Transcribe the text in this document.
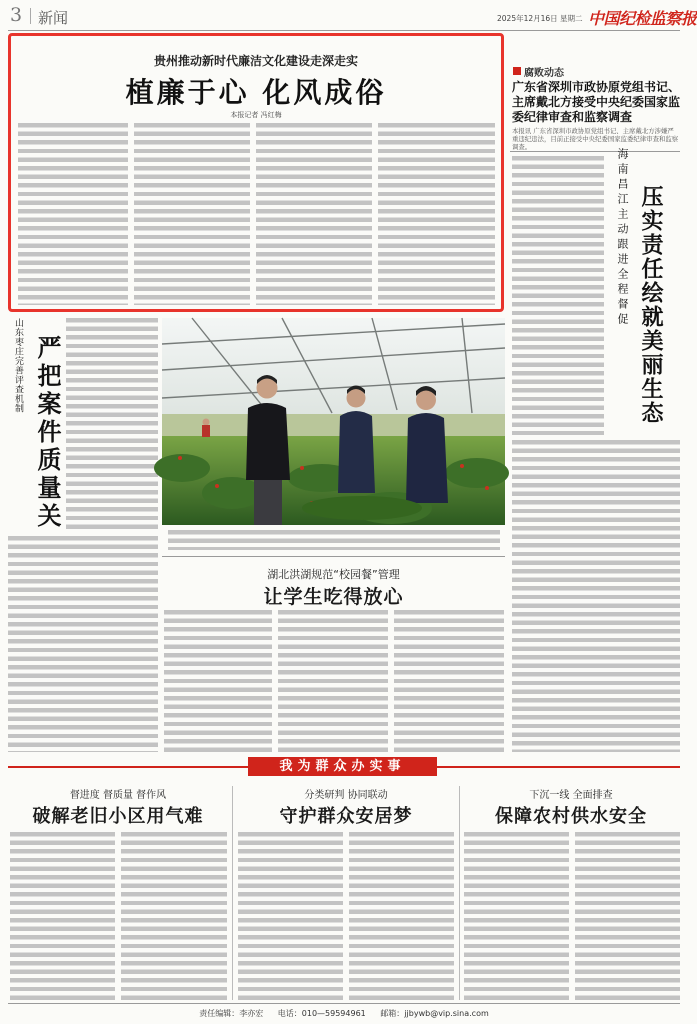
3 新闻	2025年12月16日 星期二 中国纪检监察报
贵州推动新时代廉洁文化建设走深走实
植廉于心 化风成俗
本报记者 冯红梅
腐败动态
广东省深圳市政协原党组书记、主席戴北方接受中央纪委国家监委纪律审查和监察调查
本报讯 广东省深圳市政协原党组书记、主席戴北方涉嫌严重违纪违法，目前正接受中央纪委国家监委纪律审查和监察调查。
海南昌江主动跟进全程督促 压实责任绘就美丽生态
山东枣庄完善评查机制 严把案件质量关
湖北洪湖规范“校园餐”管理
让学生吃得放心
我为群众办实事
督进度 督质量 督作风
破解老旧小区用气难
分类研判 协同联动
守护群众安居梦
下沉一线 全面排查
保障农村供水安全
责任编辑：李亦宏 电话：010—59594961 邮箱：jjbywb@vip.sina.com
